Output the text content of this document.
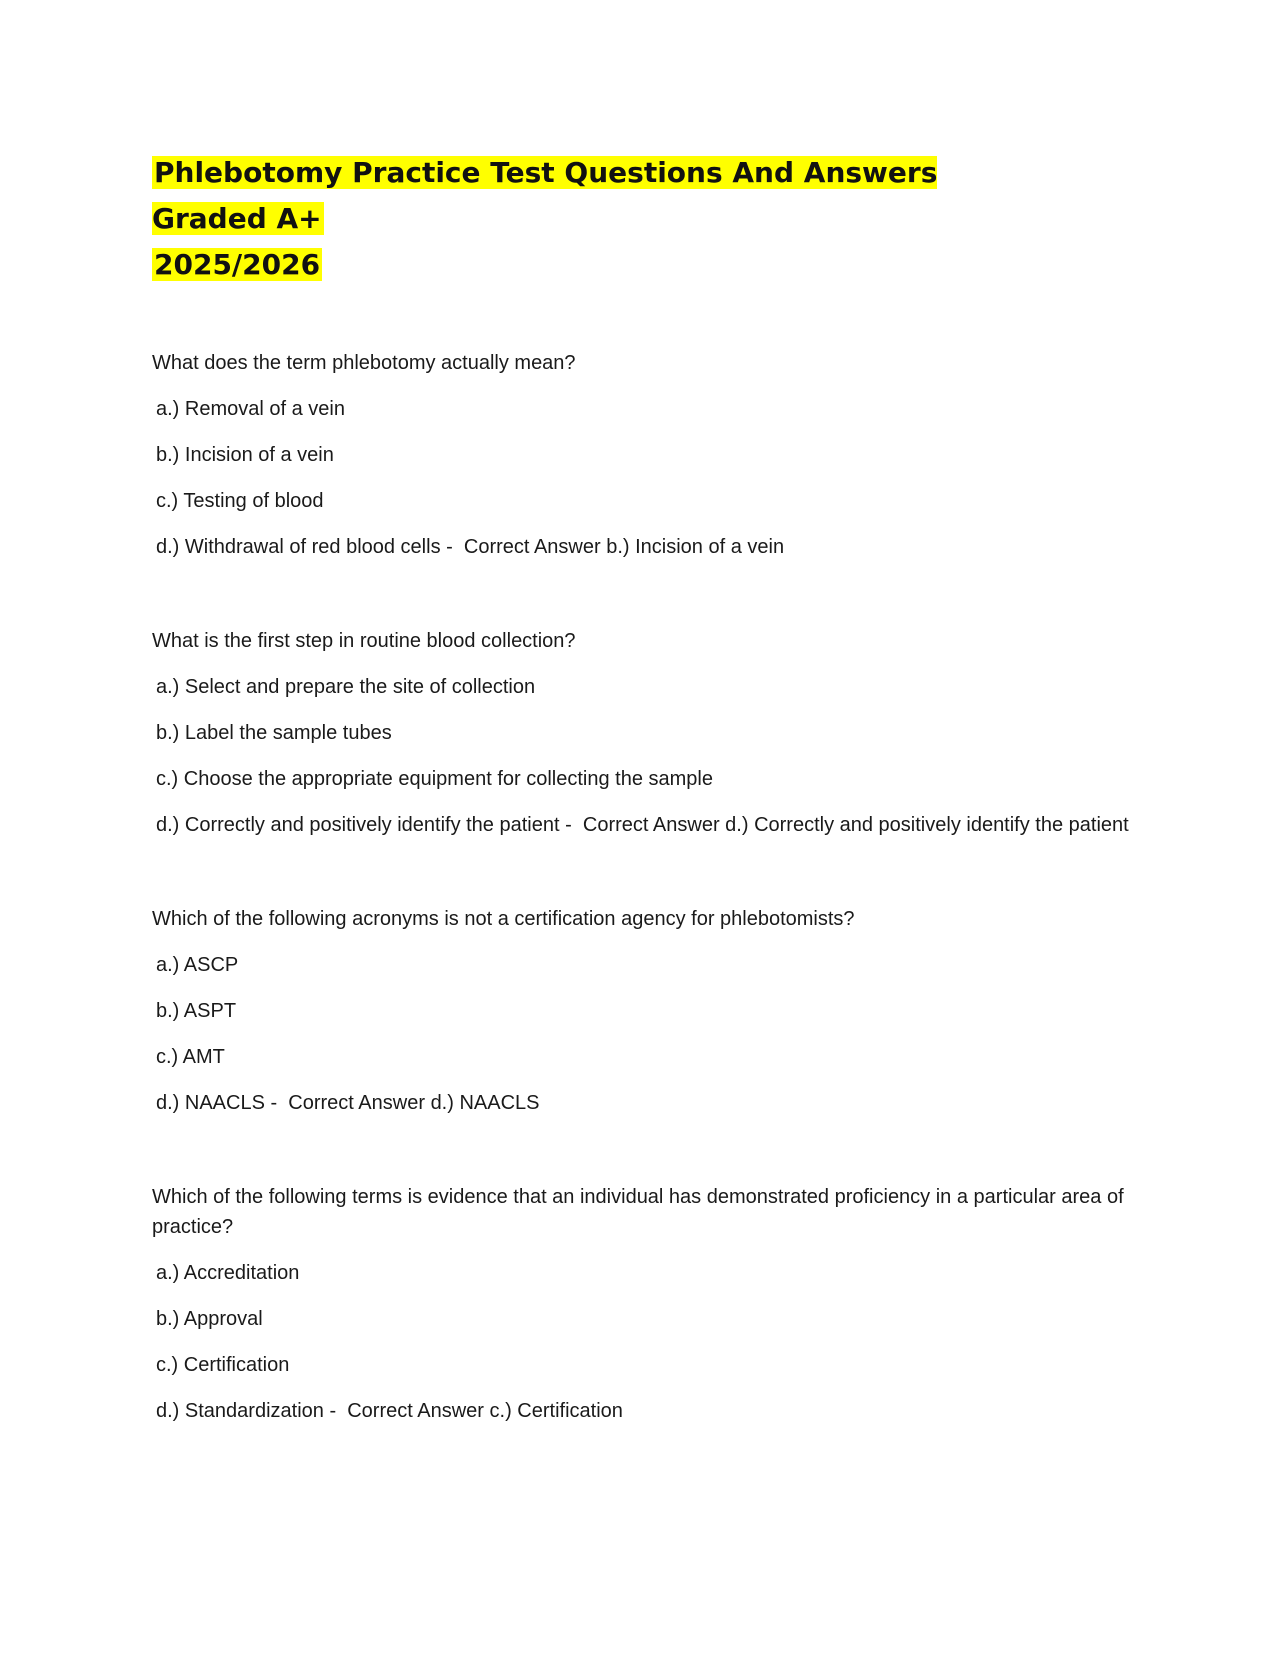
Phlebotomy Practice Test Questions And Answers Graded A+
2025/2026

What does the term phlebotomy actually mean?

a.) Removal of a vein

b.) Incision of a vein

c.) Testing of blood

d.) Withdrawal of red blood cells -  Correct Answer b.) Incision of a vein

What is the first step in routine blood collection?

a.) Select and prepare the site of collection

b.) Label the sample tubes

c.) Choose the appropriate equipment for collecting the sample

d.) Correctly and positively identify the patient -  Correct Answer d.) Correctly and positively identify the patient

Which of the following acronyms is not a certification agency for phlebotomists?

a.) ASCP

b.) ASPT

c.) AMT

d.) NAACLS -  Correct Answer d.) NAACLS

Which of the following terms is evidence that an individual has demonstrated proficiency in a particular area of practice?

a.) Accreditation

b.) Approval

c.) Certification

d.) Standardization -  Correct Answer c.) Certification
